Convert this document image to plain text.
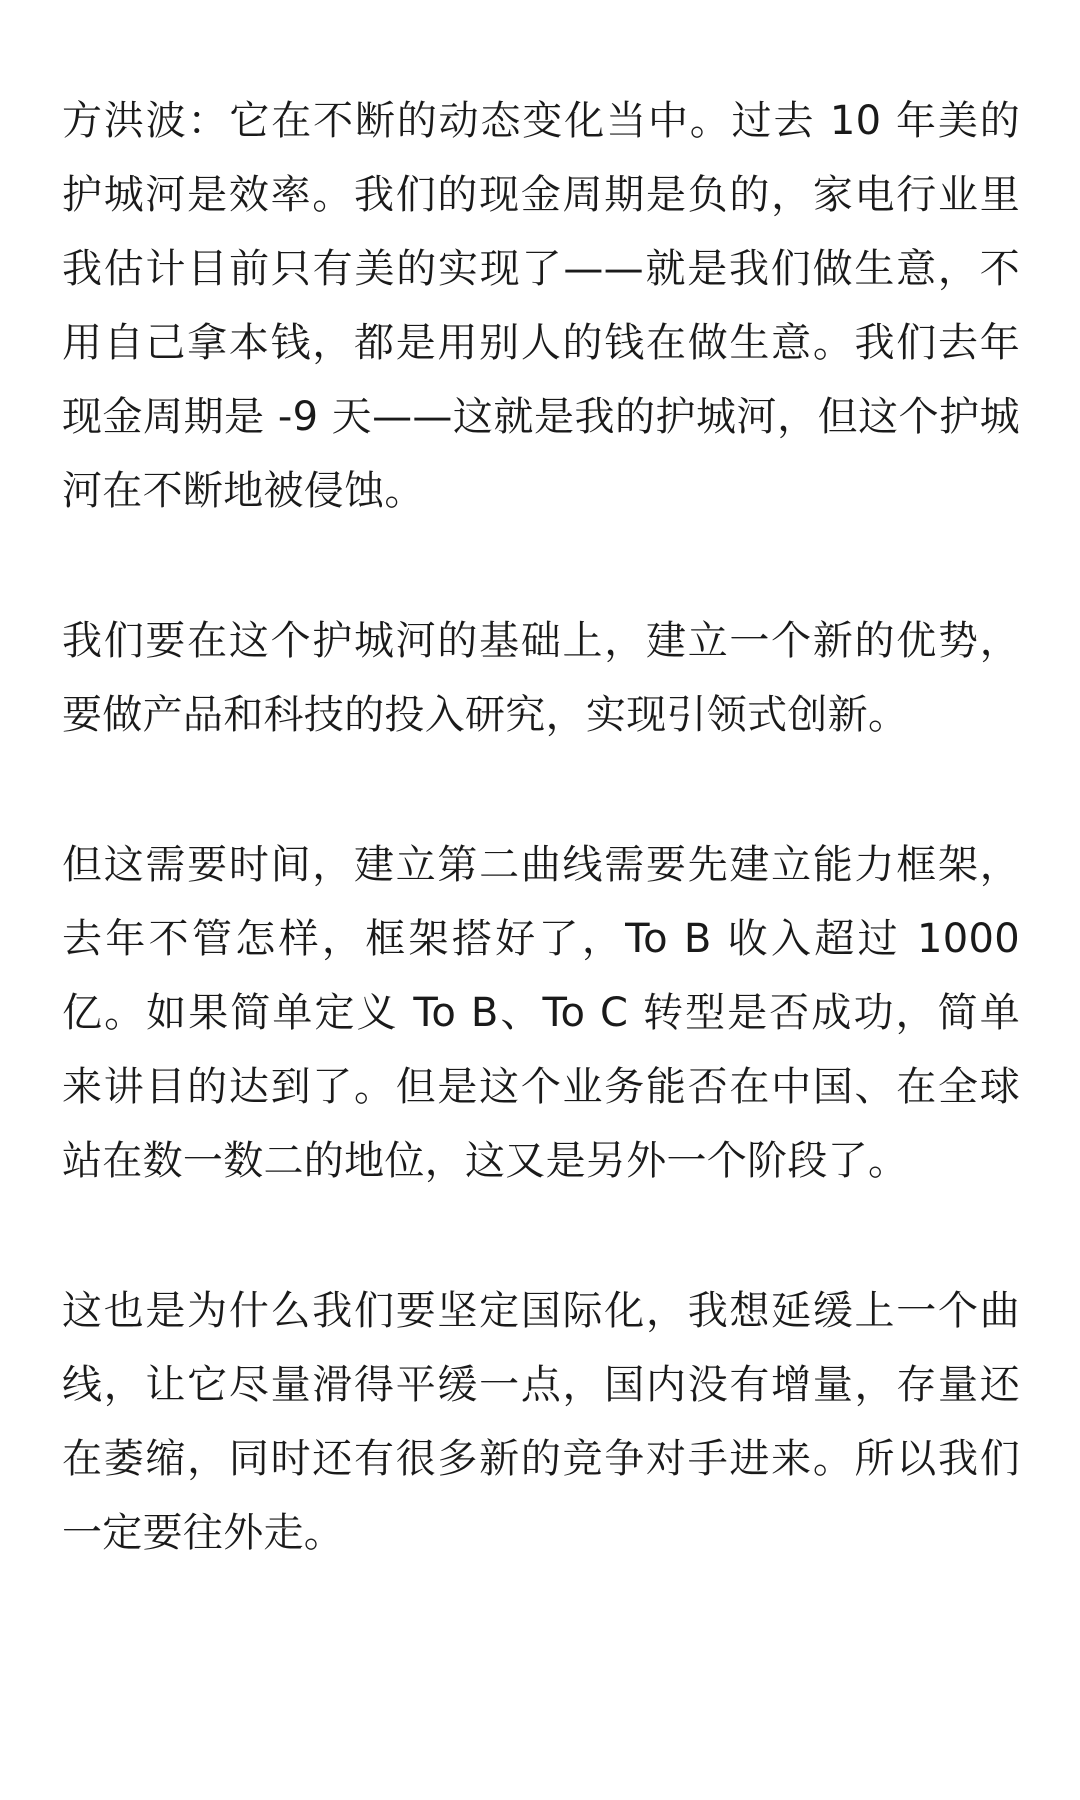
方洪波：它在不断的动态变化当中。过去 10 年美的护城河是效率。我们的现金周期是负的，家电行业里我估计目前只有美的实现了——就是我们做生意，不用自己拿本钱，都是用别人的钱在做生意。我们去年现金周期是 -9 天——这就是我的护城河，但这个护城河在不断地被侵蚀。

我们要在这个护城河的基础上，建立一个新的优势，要做产品和科技的投入研究，实现引领式创新。

但这需要时间，建立第二曲线需要先建立能力框架，去年不管怎样，框架搭好了，To B 收入超过 1000 亿。如果简单定义 To B、To C 转型是否成功，简单来讲目的达到了。但是这个业务能否在中国、在全球站在数一数二的地位，这又是另外一个阶段了。

这也是为什么我们要坚定国际化，我想延缓上一个曲线，让它尽量滑得平缓一点，国内没有增量，存量还在萎缩，同时还有很多新的竞争对手进来。所以我们一定要往外走。
